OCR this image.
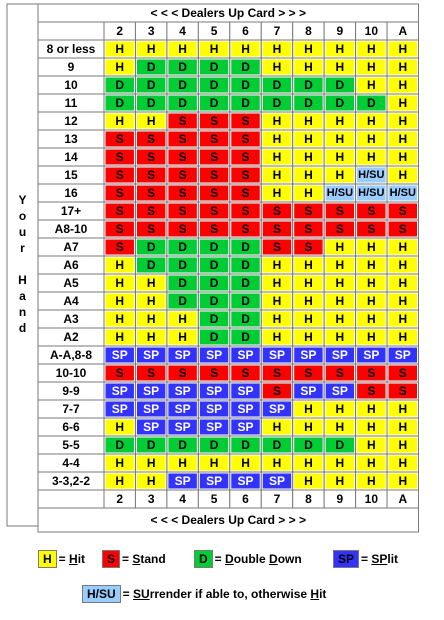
< < < Dealers Up Card > > >
2 3 4 5 6 7 8 9 10 A
Y
o
u
r
H
a
n
d
8 or less H H H H H H H H H H
9	H D D D D H H H H H
10	D D D D D D D D H H
11	D D D D D D D D D H
12	H H S S S H H H H H
13	S S S S S H H H H H
14	S S S S S H H H H H
15	S S S S S H H H H/SU H
16	S S S S S H H H/SU H/SU H/SU
17+	S S S S S S S S S S
A8-10 S S S S S S S S S S
A7	S D D D D S S H H H
A6	H D D D D H H H H H
A5	H H D D D H H H H H
A4	H H D D D H H H H H
A3	H H H D D H H H H H
A2	H H H D D H H H H H
A-A,8-8 SP SP SP SP SP SP SP SP SP SP
10-10 S S S S S S S S S S
9-9	SP SP SP SP SP S SP SP S S
7-7	SP SP SP SP SP SP H H H H
6-6	H SP SP SP SP H H H H H
5-5	D D D D D D D D H H
4-4	H H H H H H H H H H
3-3,2-2 H H SP SP SP SP H H H H
2 3 4 5 6 7 8 9 10 A
< < < Dealers Up Card > > >
H = Hit	S = Stand	D = Double Down	SP = SPlit
H/SU = SUrrender if able to, otherwise Hit
